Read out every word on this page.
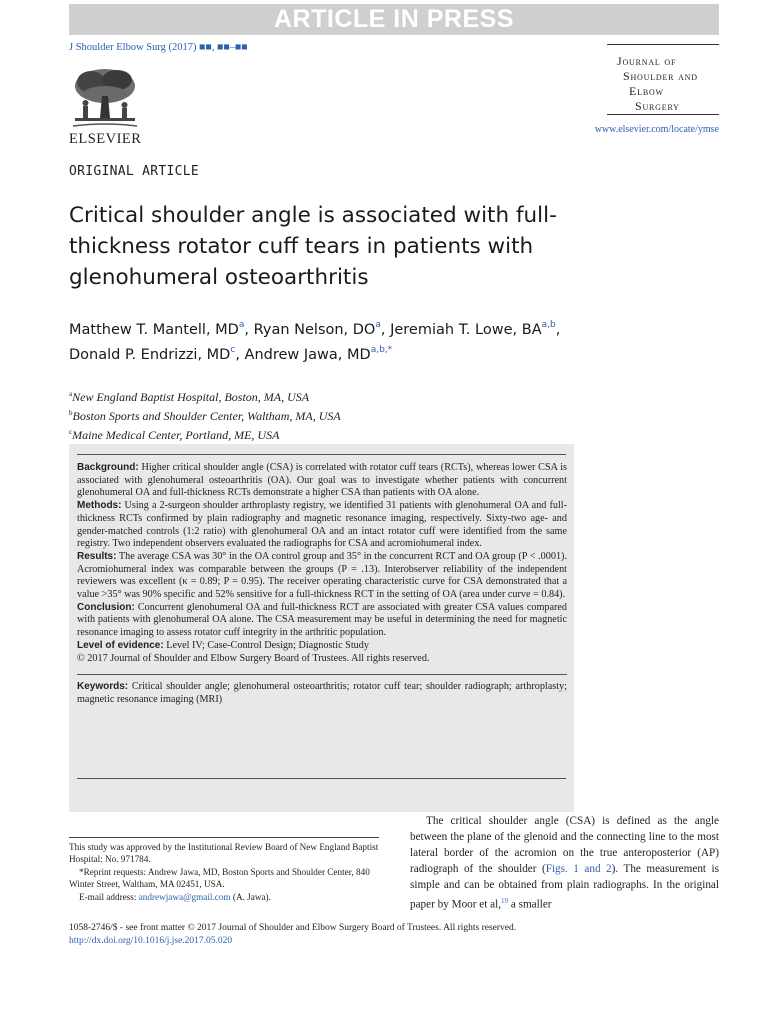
ARTICLE IN PRESS
J Shoulder Elbow Surg (2017) ■■, ■■–■■
ELSEVIER
Journal of
Shoulder and
Elbow
Surgery
www.elsevier.com/locate/ymse
ORIGINAL ARTICLE
Critical shoulder angle is associated with full-thickness rotator cuff tears in patients with glenohumeral osteoarthritis
Matthew T. Mantell, $MD^a$, Ryan Nelson, $DO^a$, Jeremiah T. Lowe, BA$^{a,b}$,
Donald P. Endrizzi, $MD^c$, Andrew Jawa, $MD^{a,b,*}$
$^a$New England Baptist Hospital, Boston, MA, USA
$^b$Boston Sports and Shoulder Center, Waltham, MA, USA
$^c$Maine Medical Center, Portland, ME, USA

Background: Higher critical shoulder angle (CSA) is correlated with rotator cuff tears (RCTs), whereas lower CSA is associated with glenohumeral osteoarthritis (OA). Our goal was to investigate whether patients with concurrent glenohumeral OA and full-thickness RCTs demonstrate a higher CSA than patients with OA alone.

Methods: Using a 2-surgeon shoulder arthroplasty registry, we identified 31 patients with glenohumeral OA and full-thickness RCTs confirmed by plain radiography and magnetic resonance imaging, respectively. Sixty-two age- and gender-matched controls (1:2 ratio) with glenohumeral OA and an intact rotator cuff were identified from the same registry. Two independent observers evaluated the radiographs for CSA and acromiohumeral index.

Results: The average CSA was 30° in the OA control group and 35° in the concurrent RCT and OA group (P < .0001). Acromiohumeral index was comparable between the groups (P = .13). Interobserver reliability of the independent reviewers was excellent (κ = 0.89; P = 0.95). The receiver operating characteristic curve for CSA demonstrated that a value >35° was 90% specific and 52% sensitive for a full-thickness RCT in the setting of OA (area under curve = 0.84).

Conclusion: Concurrent glenohumeral OA and full-thickness RCT are associated with greater CSA values compared with patients with glenohumeral OA alone. The CSA measurement may be useful in determining the need for magnetic resonance imaging to assess rotator cuff integrity in the arthritic population.

Level of evidence: Level IV; Case-Control Design; Diagnostic Study

© 2017 Journal of Shoulder and Elbow Surgery Board of Trustees. All rights reserved.

Keywords: Critical shoulder angle; glenohumeral osteoarthritis; rotator cuff tear; shoulder radiograph; arthroplasty; magnetic resonance imaging (MRI)

This study was approved by the Institutional Review Board of New England Baptist Hospital: No. 971784.

*Reprint requests: Andrew Jawa, MD, Boston Sports and Shoulder Center, 840 Winter Street, Waltham, MA 02451, USA.

E-mail address: andrewjawa@gmail.com (A. Jawa).

The critical shoulder angle (CSA) is defined as the angle between the plane of the glenoid and the connecting line to the most lateral border of the acromion on the true anteroposterior (AP) radiograph of the shoulder (Figs. 1 and 2). The measurement is simple and can be obtained from plain radiographs. In the original paper by Moor et al,$^{19}$ a smaller
1058-2746/$ - see front matter © 2017 Journal of Shoulder and Elbow Surgery Board of Trustees. All rights reserved.
http://dx.doi.org/10.1016/j.jse.2017.05.020
